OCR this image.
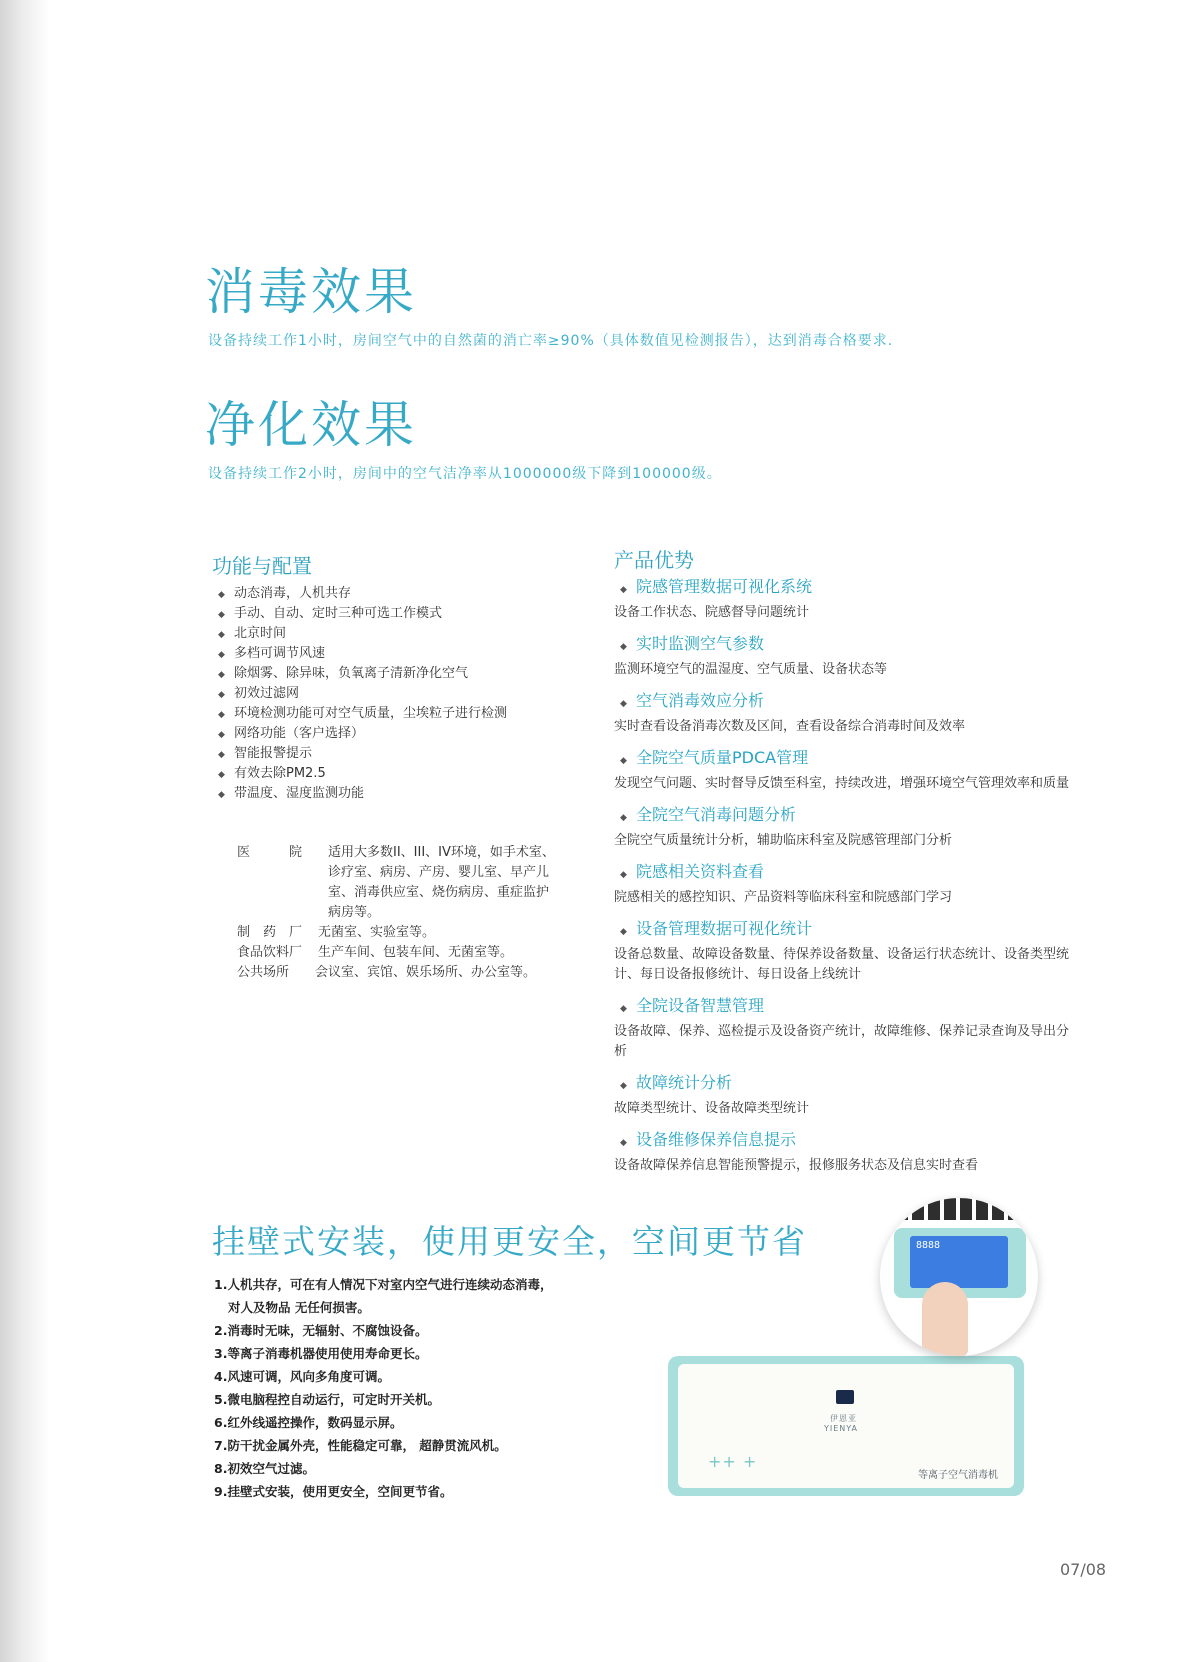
消毒效果

设备持续工作1小时，房间空气中的自然菌的消亡率≥90%（具体数值见检测报告），达到消毒合格要求.

净化效果

设备持续工作2小时，房间中的空气洁净率从1000000级下降到100000级。

功能与配置
◆ 动态消毒，人机共存
◆ 手动、自动、定时三种可选工作模式
◆ 北京时间
◆ 多档可调节风速
◆ 除烟雾、除异味，负氧离子清新净化空气
◆ 初效过滤网
◆ 环境检测功能可对空气质量，尘埃粒子进行检测
◆ 网络功能（客户选择）
◆ 智能报警提示
◆ 有效去除PM2.5
◆ 带温度、湿度监测功能
医　　　院	适用大多数II、III、IV环境，如手术室、诊疗室、病房、产房、婴儿室、早产儿室、消毒供应室、烧伤病房、重症监护病房等。
制　药　厂	无菌室、实验室等。
食品饮料厂	生产车间、包装车间、无菌室等。
公共场所	会议室、宾馆、娱乐场所、办公室等。
产品优势
◆ 院感管理数据可视化系统
设备工作状态、院感督导问题统计
◆ 实时监测空气参数
监测环境空气的温湿度、空气质量、设备状态等
◆ 空气消毒效应分析
实时查看设备消毒次数及区间，查看设备综合消毒时间及效率
◆ 全院空气质量PDCA管理
发现空气问题、实时督导反馈至科室，持续改进，增强环境空气管理效率和质量
◆ 全院空气消毒问题分析
全院空气质量统计分析，辅助临床科室及院感管理部门分析
◆ 院感相关资料查看
院感相关的感控知识、产品资料等临床科室和院感部门学习
◆ 设备管理数据可视化统计
设备总数量、故障设备数量、待保养设备数量、设备运行状态统计、设备类型统计、每日设备报修统计、每日设备上线统计
◆ 全院设备智慧管理
设备故障、保养、巡检提示及设备资产统计，故障维修、保养记录查询及导出分析
◆ 故障统计分析
故障类型统计、设备故障类型统计
◆ 设备维修保养信息提示
设备故障保养信息智能预警提示，报修服务状态及信息实时查看
挂壁式安装，使用更安全，空间更节省
1.人机共存，可在有人情况下对室内空气进行连续动态消毒，
对人及物品 无任何损害。
2.消毒时无味，无辐射、不腐蚀设备。
3.等离子消毒机器使用使用寿命更长。
4.风速可调，风向多角度可调。
5.微电脑程控自动运行，可定时开关机。
6.红外线遥控操作，数码显示屏。
7.防干扰金属外壳，性能稳定可靠， 超静贯流风机。
8.初效空气过滤。
9.挂壁式安装，使用更安全，空间更节省。
伊恩亚
YIENYA
++ +
等离子空气消毒机
8888
07/08
